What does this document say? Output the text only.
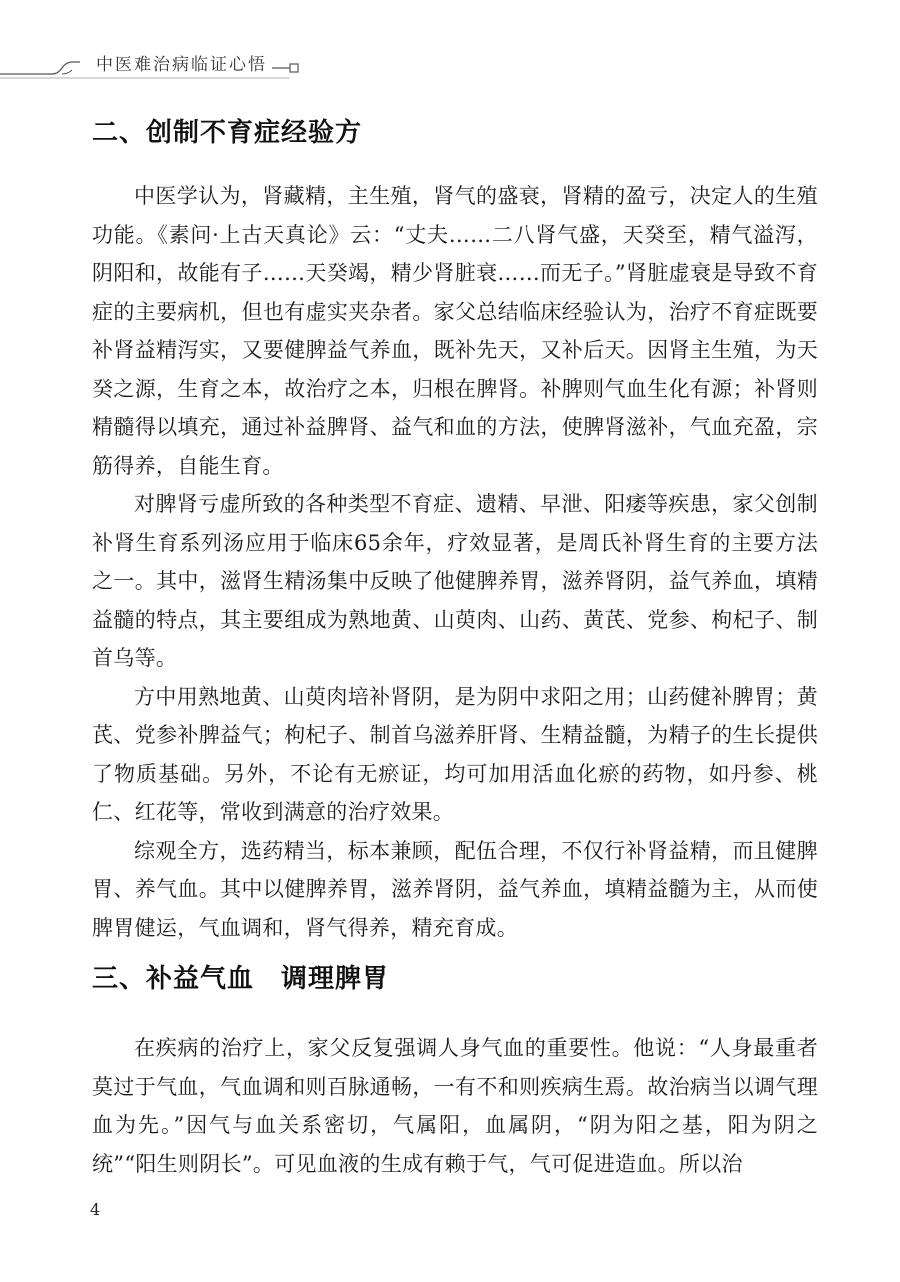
中医难治病临证心悟
二、创制不育症经验方

中医学认为，肾藏精，主生殖，肾气的盛衰，肾精的盈亏，决定人的生殖功能。《素问·上古天真论》云：“丈夫……二八肾气盛，天癸至，精气溢泻，阴阳和，故能有子……天癸竭，精少肾脏衰……而无子。”肾脏虚衰是导致不育症的主要病机，但也有虚实夹杂者。家父总结临床经验认为，治疗不育症既要补肾益精泻实，又要健脾益气养血，既补先天，又补后天。因肾主生殖，为天癸之源，生育之本，故治疗之本，归根在脾肾。补脾则气血生化有源；补肾则精髓得以填充，通过补益脾肾、益气和血的方法，使脾肾滋补，气血充盈，宗筋得养，自能生育。

对脾肾亏虚所致的各种类型不育症、遗精、早泄、阳痿等疾患，家父创制补肾生育系列汤应用于临床65余年，疗效显著，是周氏补肾生育的主要方法之一。其中，滋肾生精汤集中反映了他健脾养胃，滋养肾阴，益气养血，填精益髓的特点，其主要组成为熟地黄、山萸肉、山药、黄芪、党参、枸杞子、制首乌等。

方中用熟地黄、山萸肉培补肾阴，是为阴中求阳之用；山药健补脾胃；黄芪、党参补脾益气；枸杞子、制首乌滋养肝肾、生精益髓，为精子的生长提供了物质基础。另外，不论有无瘀证，均可加用活血化瘀的药物，如丹参、桃仁、红花等，常收到满意的治疗效果。

综观全方，选药精当，标本兼顾，配伍合理，不仅行补肾益精，而且健脾胃、养气血。其中以健脾养胃，滋养肾阴，益气养血，填精益髓为主，从而使脾胃健运，气血调和，肾气得养，精充育成。

三、补益气血　调理脾胃

在疾病的治疗上，家父反复强调人身气血的重要性。他说：“人身最重者莫过于气血，气血调和则百脉通畅，一有不和则疾病生焉。故治病当以调气理血为先。”因气与血关系密切，气属阳，血属阴，“阴为阳之基，阳为阴之统”“阳生则阴长”。可见血液的生成有赖于气，气可促进造血。所以治

4
